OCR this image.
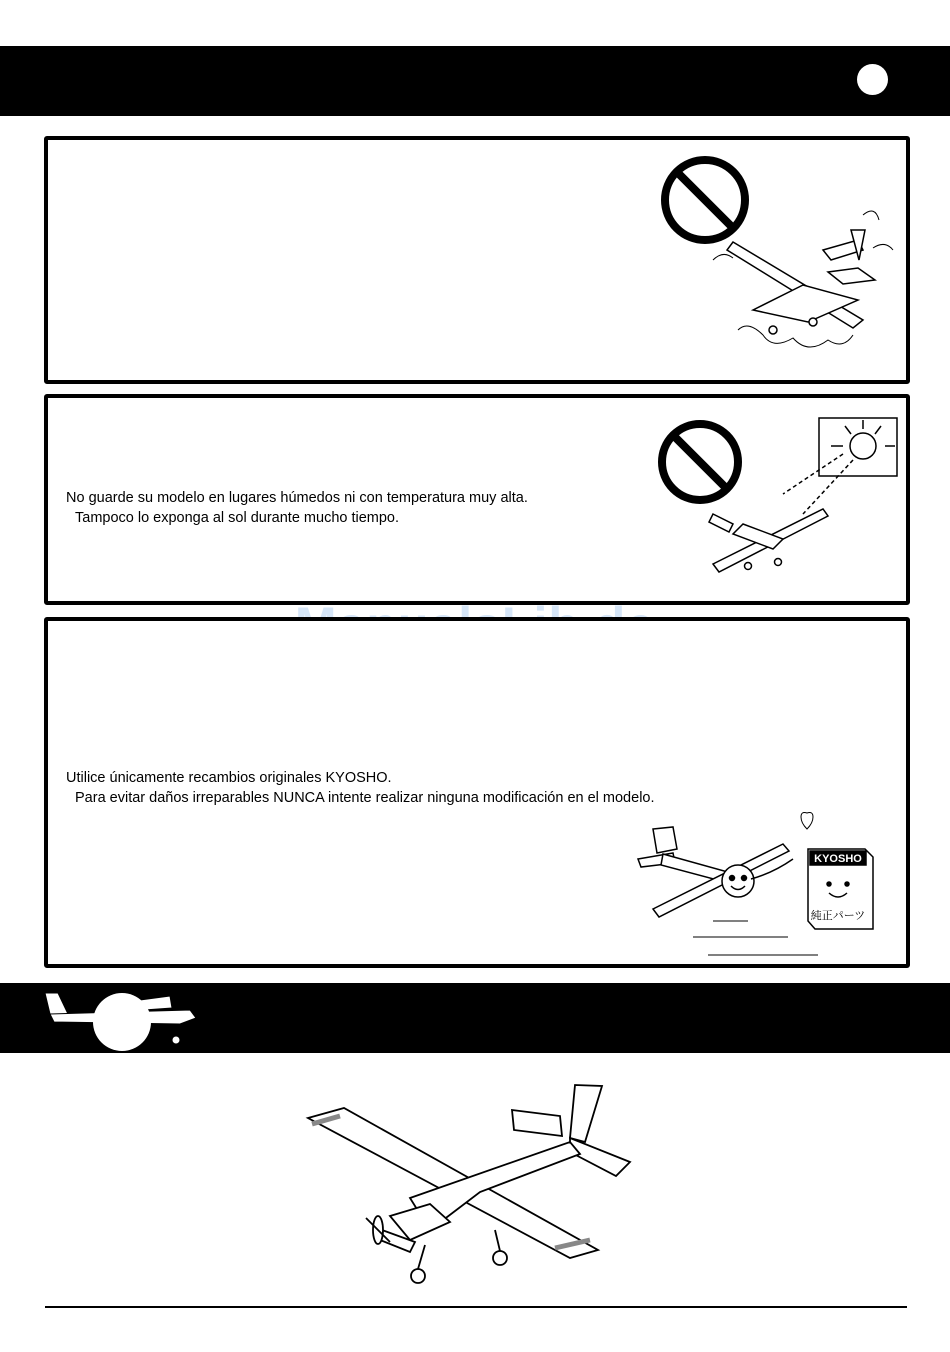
No guarde su modelo en lugares húmedos ni con temperatura muy alta.
Tampoco lo exponga al sol durante mucho tiempo.
Utilice únicamente recambios originales KYOSHO.
Para evitar daños irreparables NUNCA intente realizar ninguna modificación en el modelo.
KYOSHO
純正パーツ
